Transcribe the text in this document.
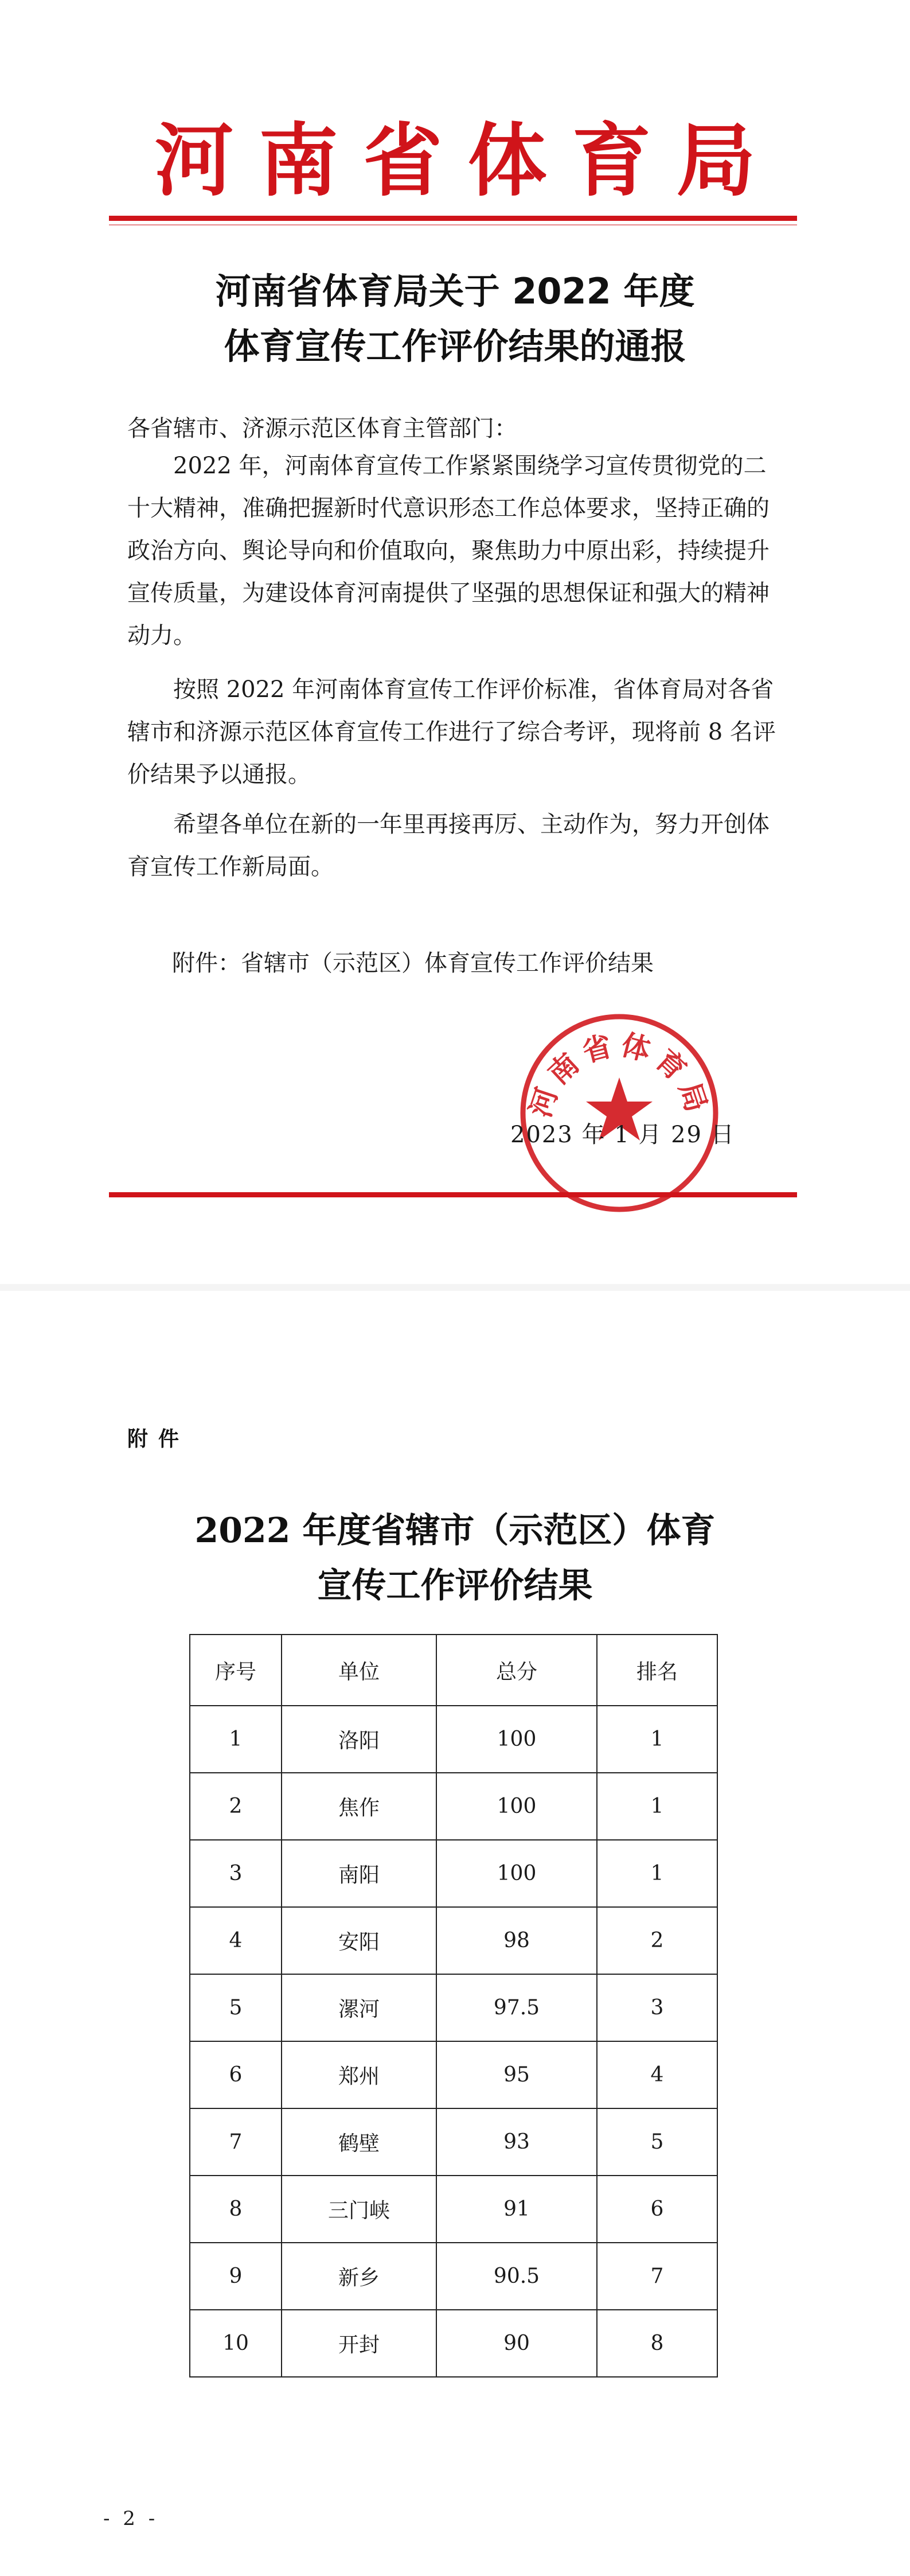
河南省体育局
河南省体育局关于 2022 年度
体育宣传工作评价结果的通报
各省辖市、济源示范区体育主管部门：
2022 年，河南体育宣传工作紧紧围绕学习宣传贯彻党的二十大精神，准确把握新时代意识形态工作总体要求，坚持正确的政治方向、舆论导向和价值取向，聚焦助力中原出彩，持续提升宣传质量，为建设体育河南提供了坚强的思想保证和强大的精神动力。
按照 2022 年河南体育宣传工作评价标准，省体育局对各省辖市和济源示范区体育宣传工作进行了综合考评，现将前 8 名评价结果予以通报。
希望各单位在新的一年里再接再厉、主动作为，努力开创体育宣传工作新局面。
附件：省辖市（示范区）体育宣传工作评价结果
河南省体育局
2023 年 1 月 29 日
附件
2022 年度省辖市（示范区）体育
宣传工作评价结果
序号	单位	总分	排名
1	洛阳	100	1
2	焦作	100	1
3	南阳	100	1
4	安阳	98	2
5	漯河	97.5	3
6	郑州	95	4
7	鹤壁	93	5
8	三门峡	91	6
9	新乡	90.5	7
10	开封	90	8
- 2 -
